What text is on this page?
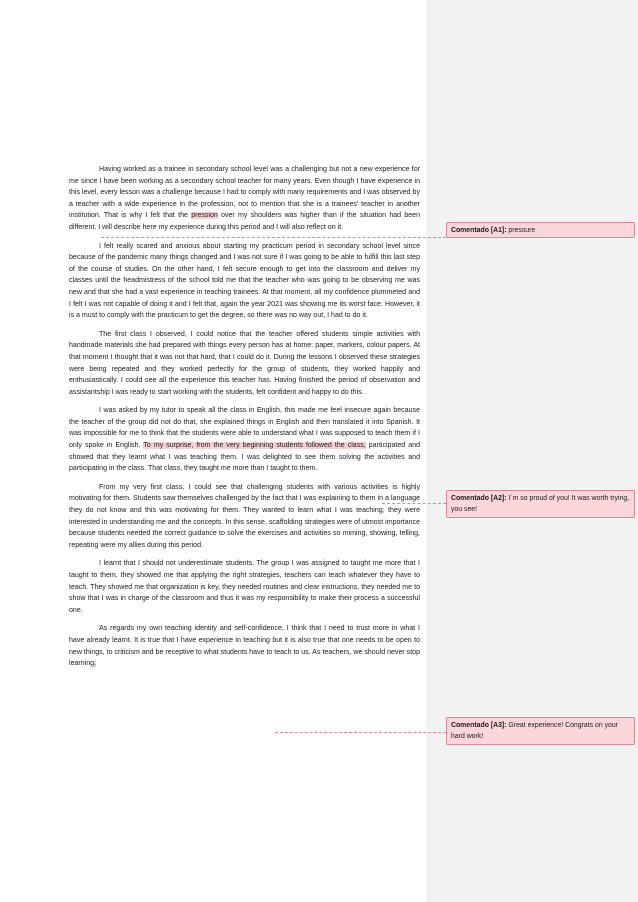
Having worked as a trainee in secondary school level was a challenging but not a new experience for me since I have been working as a secondary school teacher for many years. Even though I have experience in this level, every lesson was a challenge because I had to comply with many requirements and I was observed by a teacher with a wide experience in the profession, not to mention that she is a trainees’ teacher in another institution. That is why I felt that the pression over my shoulders was higher than if the situation had been different. I will describe here my experience during this period and I will also reflect on it.

I felt really scared and anxious about starting my practicum period in secondary school level since because of the pandemic many things changed and I was not sure if I was going to be able to fulfill this last step of the course of studies. On the other hand, I felt secure enough to get into the classroom and deliver my classes until the headmistress of the school told me that the teacher who was going to be observing me was new and that she had a vast experience in teaching trainees. At that moment, all my confidence plummeted and I felt I was not capable of doing it and I felt that, again the year 2021 was showing me its worst face. However, it is a must to comply with the practicum to get the degree, so there was no way out, I had to do it.

The first class I observed, I could notice that the teacher offered students simple activities with handmade materials she had prepared with things every person has at home: paper, markers, colour papers. At that moment I thought that it was not that hard, that I could do it. During the lessons I observed these strategies were being repeated and they worked perfectly for the group of students, they worked happily and enthusiastically. I could see all the experience this teacher has. Having finished the period of observation and assistantship I was ready to start working with the students, felt confident and happy to do this.

I was asked by my tutor to speak all the class in English, this made me feel insecure again because the teacher of the group did not do that, she explained things in English and then translated it into Spanish. It was impossible for me to think that the students were able to understand what I was supposed to teach them if I only spoke in English. To my surprise, from the very beginning students followed the class, participated and showed that they learnt what I was teaching them. I was delighted to see them solving the activities and participating in the class. That class, they taught me more than I taught to them.

From my very first class, I could see that challenging students with various activities is highly motivating for them. Students saw themselves challenged by the fact that I was explaining to them in a language they do not know and this was motivating for them. They wanted to learn what I was teaching; they were interested in understanding me and the concepts. In this sense, scaffolding strategies were of utmost importance because students needed the correct guidance to solve the exercises and activities so miming, showing, telling, repeating were my allies during this period.

I learnt that I should not underestimate students. The group I was assigned to taught me more that I taught to them, they showed me that applying the right strategies, teachers can teach whatever they have to teach. They showed me that organization is key, they needed routines and clear instructions, they needed me to show that I was in charge of the classroom and thus it was my responsibility to make their process a successful one.

As regards my own teaching identity and self-confidence, I think that I need to trust more in what I have already learnt. It is true that I have experience in teaching but it is also true that one needs to be open to new things, to criticism and be receptive to what students have to teach to us. As teachers, we should never stop learning.

Comentado [A1]: pressure
Comentado [A2]: I´m so proud of you! It was worth trying, you see!
Comentado [A3]: Great experience! Congrats on your hard work!
